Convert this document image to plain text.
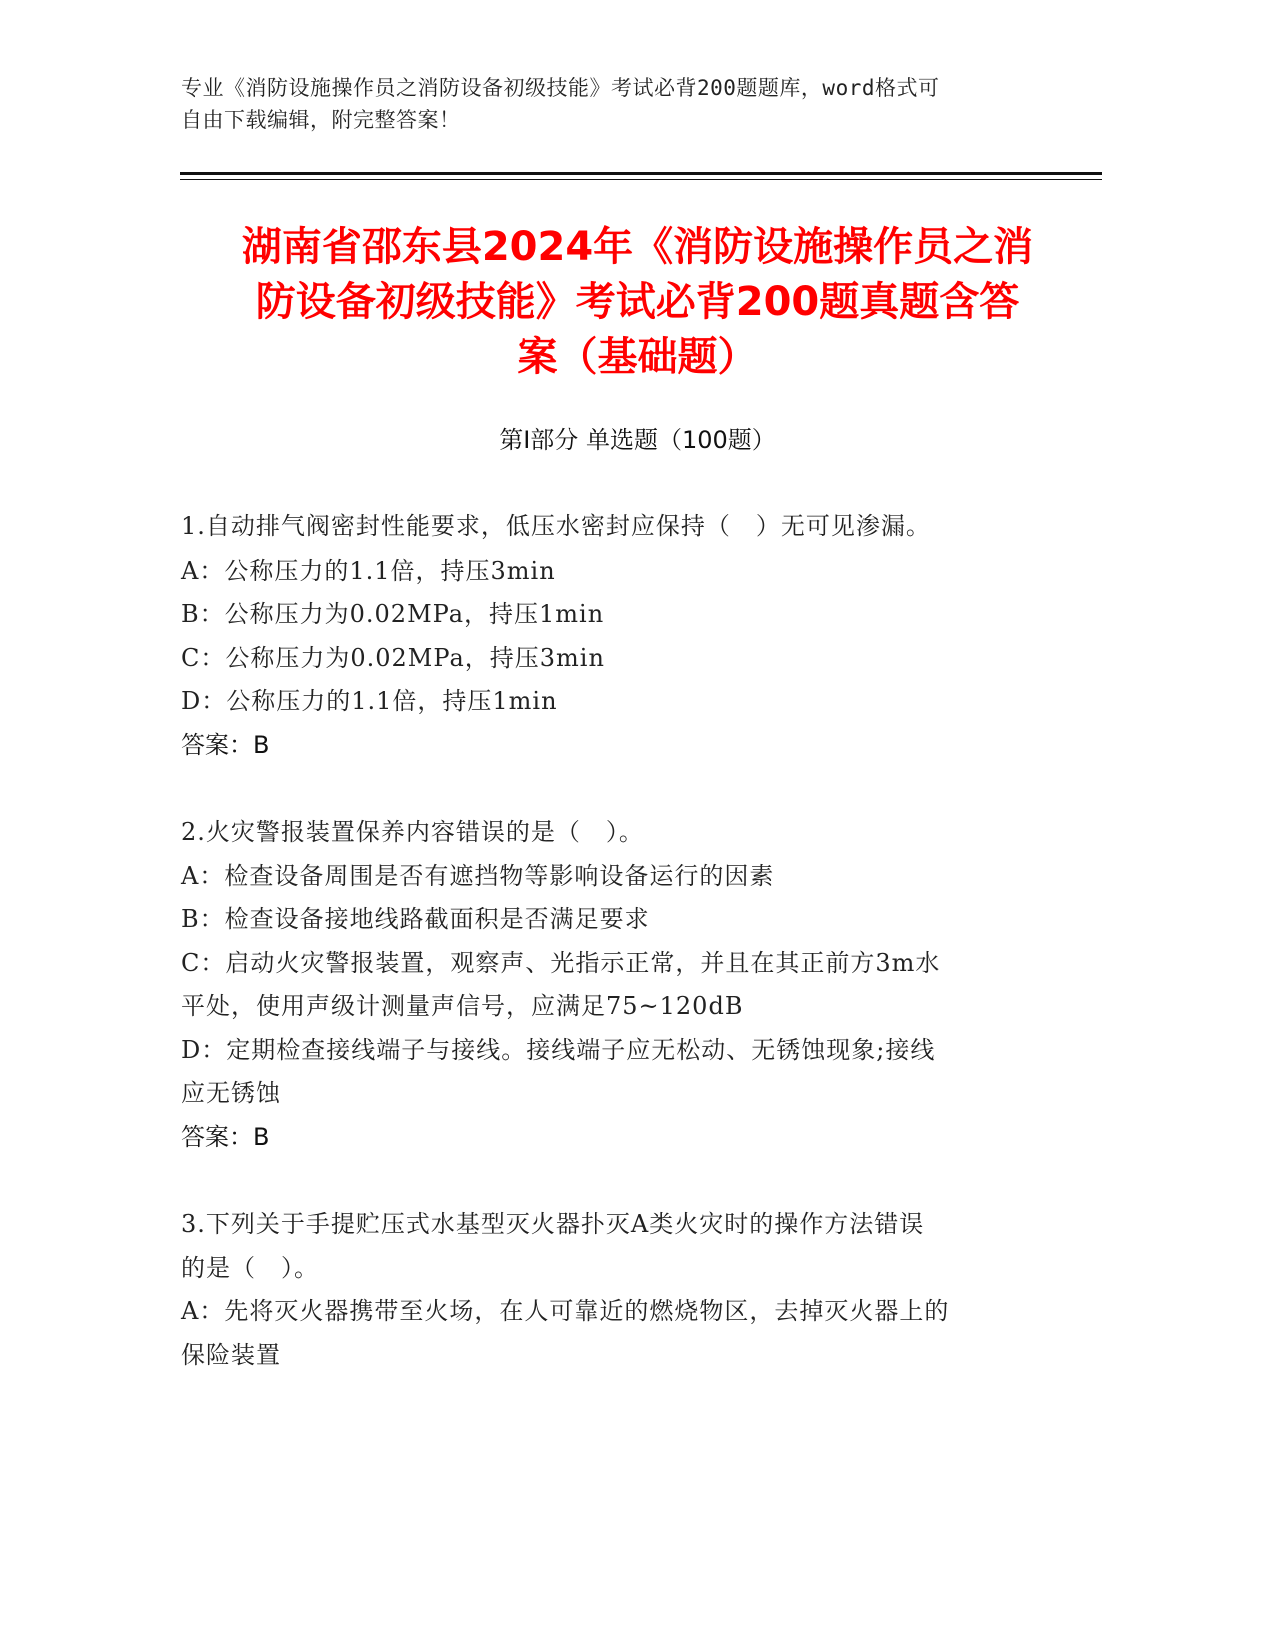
专业《消防设施操作员之消防设备初级技能》考试必背200题题库，word格式可
自由下载编辑，附完整答案！
湖南省邵东县2024年《消防设施操作员之消
防设备初级技能》考试必背200题真题含答
案（基础题）
第Ⅰ部分 单选题（100题）
1.自动排气阀密封性能要求，低压水密封应保持（　）无可见渗漏。
A：公称压力的1.1倍，持压3min
B：公称压力为0.02MPa，持压1min
C：公称压力为0.02MPa，持压3min
D：公称压力的1.1倍，持压1min
答案：B
2.火灾警报装置保养内容错误的是（　）。
A：检查设备周围是否有遮挡物等影响设备运行的因素
B：检查设备接地线路截面积是否满足要求
C：启动火灾警报装置，观察声、光指示正常，并且在其正前方3m水
平处，使用声级计测量声信号，应满足75~120dB
D：定期检查接线端子与接线。接线端子应无松动、无锈蚀现象;接线
应无锈蚀
答案：B
3.下列关于手提贮压式水基型灭火器扑灭A类火灾时的操作方法错误
的是（　）。
A：先将灭火器携带至火场，在人可靠近的燃烧物区，去掉灭火器上的
保险装置
